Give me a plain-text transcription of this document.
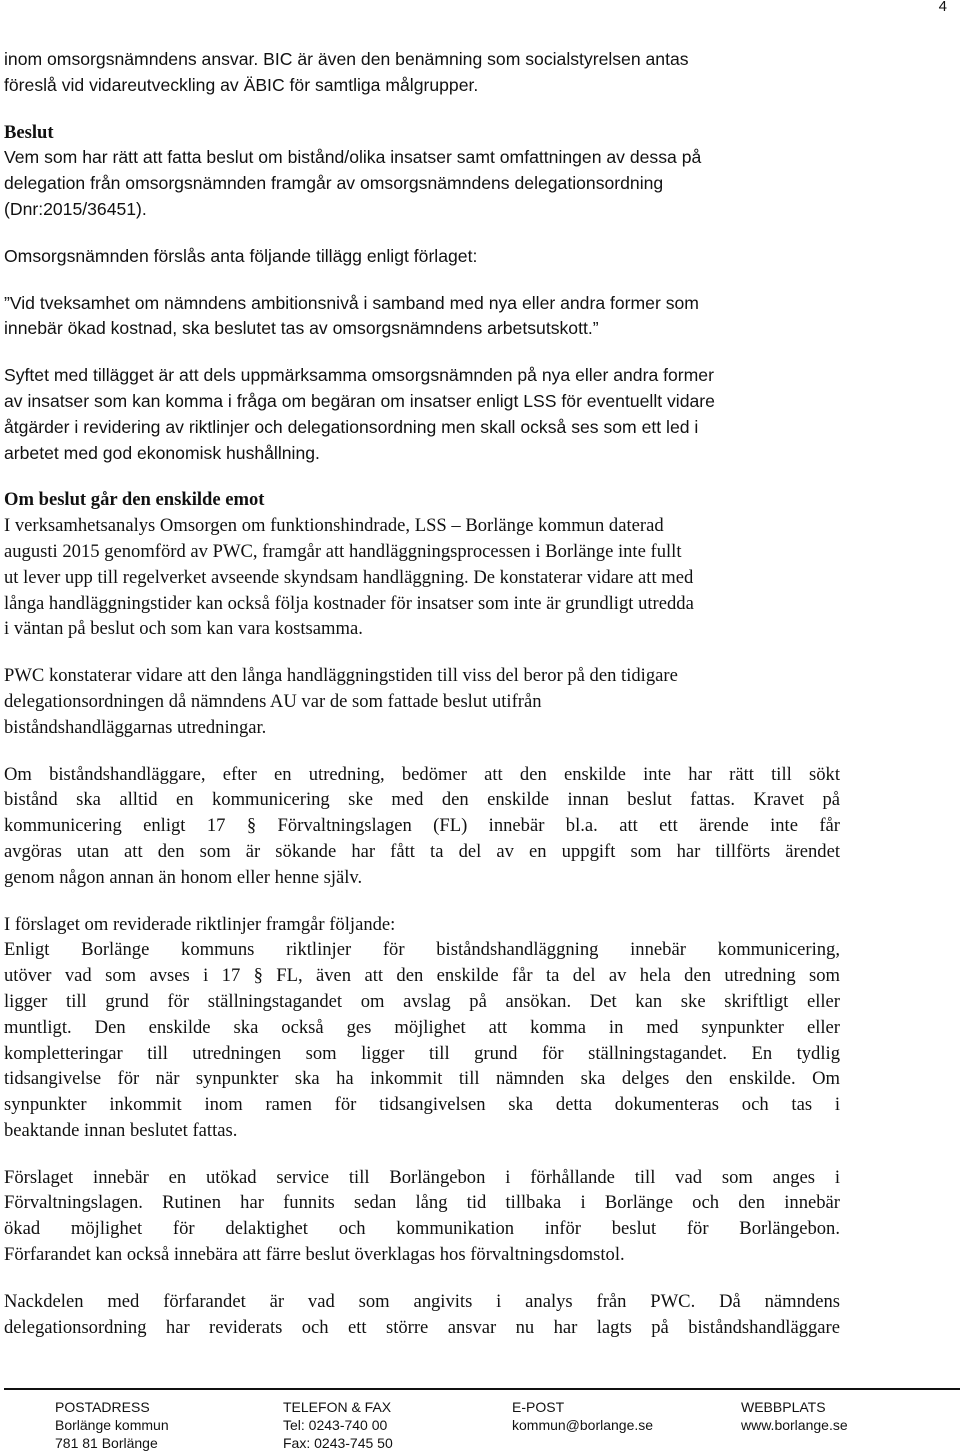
4
inom omsorgsnämndens ansvar. BIC är även den benämning som socialstyrelsen antas
föreslå vid vidareutveckling av ÄBIC för samtliga målgrupper.
Beslut
Vem som har rätt att fatta beslut om bistånd/olika insatser samt omfattningen av dessa på
delegation från omsorgsnämnden framgår av omsorgsnämndens delegationsordning
(Dnr:2015/36451).
Omsorgsnämnden förslås anta följande tillägg enligt förlaget:
”Vid tveksamhet om nämndens ambitionsnivå i samband med nya eller andra former som
innebär ökad kostnad, ska beslutet tas av omsorgsnämndens arbetsutskott.”
Syftet med tillägget är att dels uppmärksamma omsorgsnämnden på nya eller andra former
av insatser som kan komma i fråga om begäran om insatser enligt LSS för eventuellt vidare
åtgärder i revidering av riktlinjer och delegationsordning men skall också ses som ett led i
arbetet med god ekonomisk hushållning.
Om beslut går den enskilde emot
I verksamhetsanalys Omsorgen om funktionshindrade, LSS – Borlänge kommun daterad
augusti 2015 genomförd av PWC, framgår att handläggningsprocessen i Borlänge inte fullt
ut lever upp till regelverket avseende skyndsam handläggning. De konstaterar vidare att med
långa handläggningstider kan också följa kostnader för insatser som inte är grundligt utredda
i väntan på beslut och som kan vara kostsamma.
PWC konstaterar vidare att den långa handläggningstiden till viss del beror på den tidigare
delegationsordningen då nämndens AU var de som fattade beslut utifrån
biståndshandläggarnas utredningar.
Om biståndshandläggare, efter en utredning, bedömer att den enskilde inte har rätt till sökt
bistånd ska alltid en kommunicering ske med den enskilde innan beslut fattas. Kravet på
kommunicering enligt 17 § Förvaltningslagen (FL) innebär bl.a. att ett ärende inte får
avgöras utan att den som är sökande har fått ta del av en uppgift som har tillförts ärendet
genom någon annan än honom eller henne själv.
I förslaget om reviderade riktlinjer framgår följande:
Enligt Borlänge kommuns riktlinjer för biståndshandläggning innebär kommunicering,
utöver vad som avses i 17 § FL, även att den enskilde får ta del av hela den utredning som
ligger till grund för ställningstagandet om avslag på ansökan. Det kan ske skriftligt eller
muntligt. Den enskilde ska också ges möjlighet att komma in med synpunkter eller
kompletteringar till utredningen som ligger till grund för ställningstagandet. En tydlig
tidsangivelse för när synpunkter ska ha inkommit till nämnden ska delges den enskilde. Om
synpunkter inkommit inom ramen för tidsangivelsen ska detta dokumenteras och tas i
beaktande innan beslutet fattas.
Förslaget innebär en utökad service till Borlängebon i förhållande till vad som anges i
Förvaltningslagen. Rutinen har funnits sedan lång tid tillbaka i Borlänge och den innebär
ökad möjlighet för delaktighet och kommunikation inför beslut för Borlängebon.
Förfarandet kan också innebära att färre beslut överklagas hos förvaltningsdomstol.
Nackdelen med förfarandet är vad som angivits i analys från PWC. Då nämndens
delegationsordning har reviderats och ett större ansvar nu har lagts på biståndshandläggare
POSTADRESS
Borlänge kommun
781 81 Borlänge
TELEFON & FAX
Tel: 0243-740 00
Fax: 0243-745 50
E-POST
kommun@borlange.se
WEBBPLATS
www.borlange.se
